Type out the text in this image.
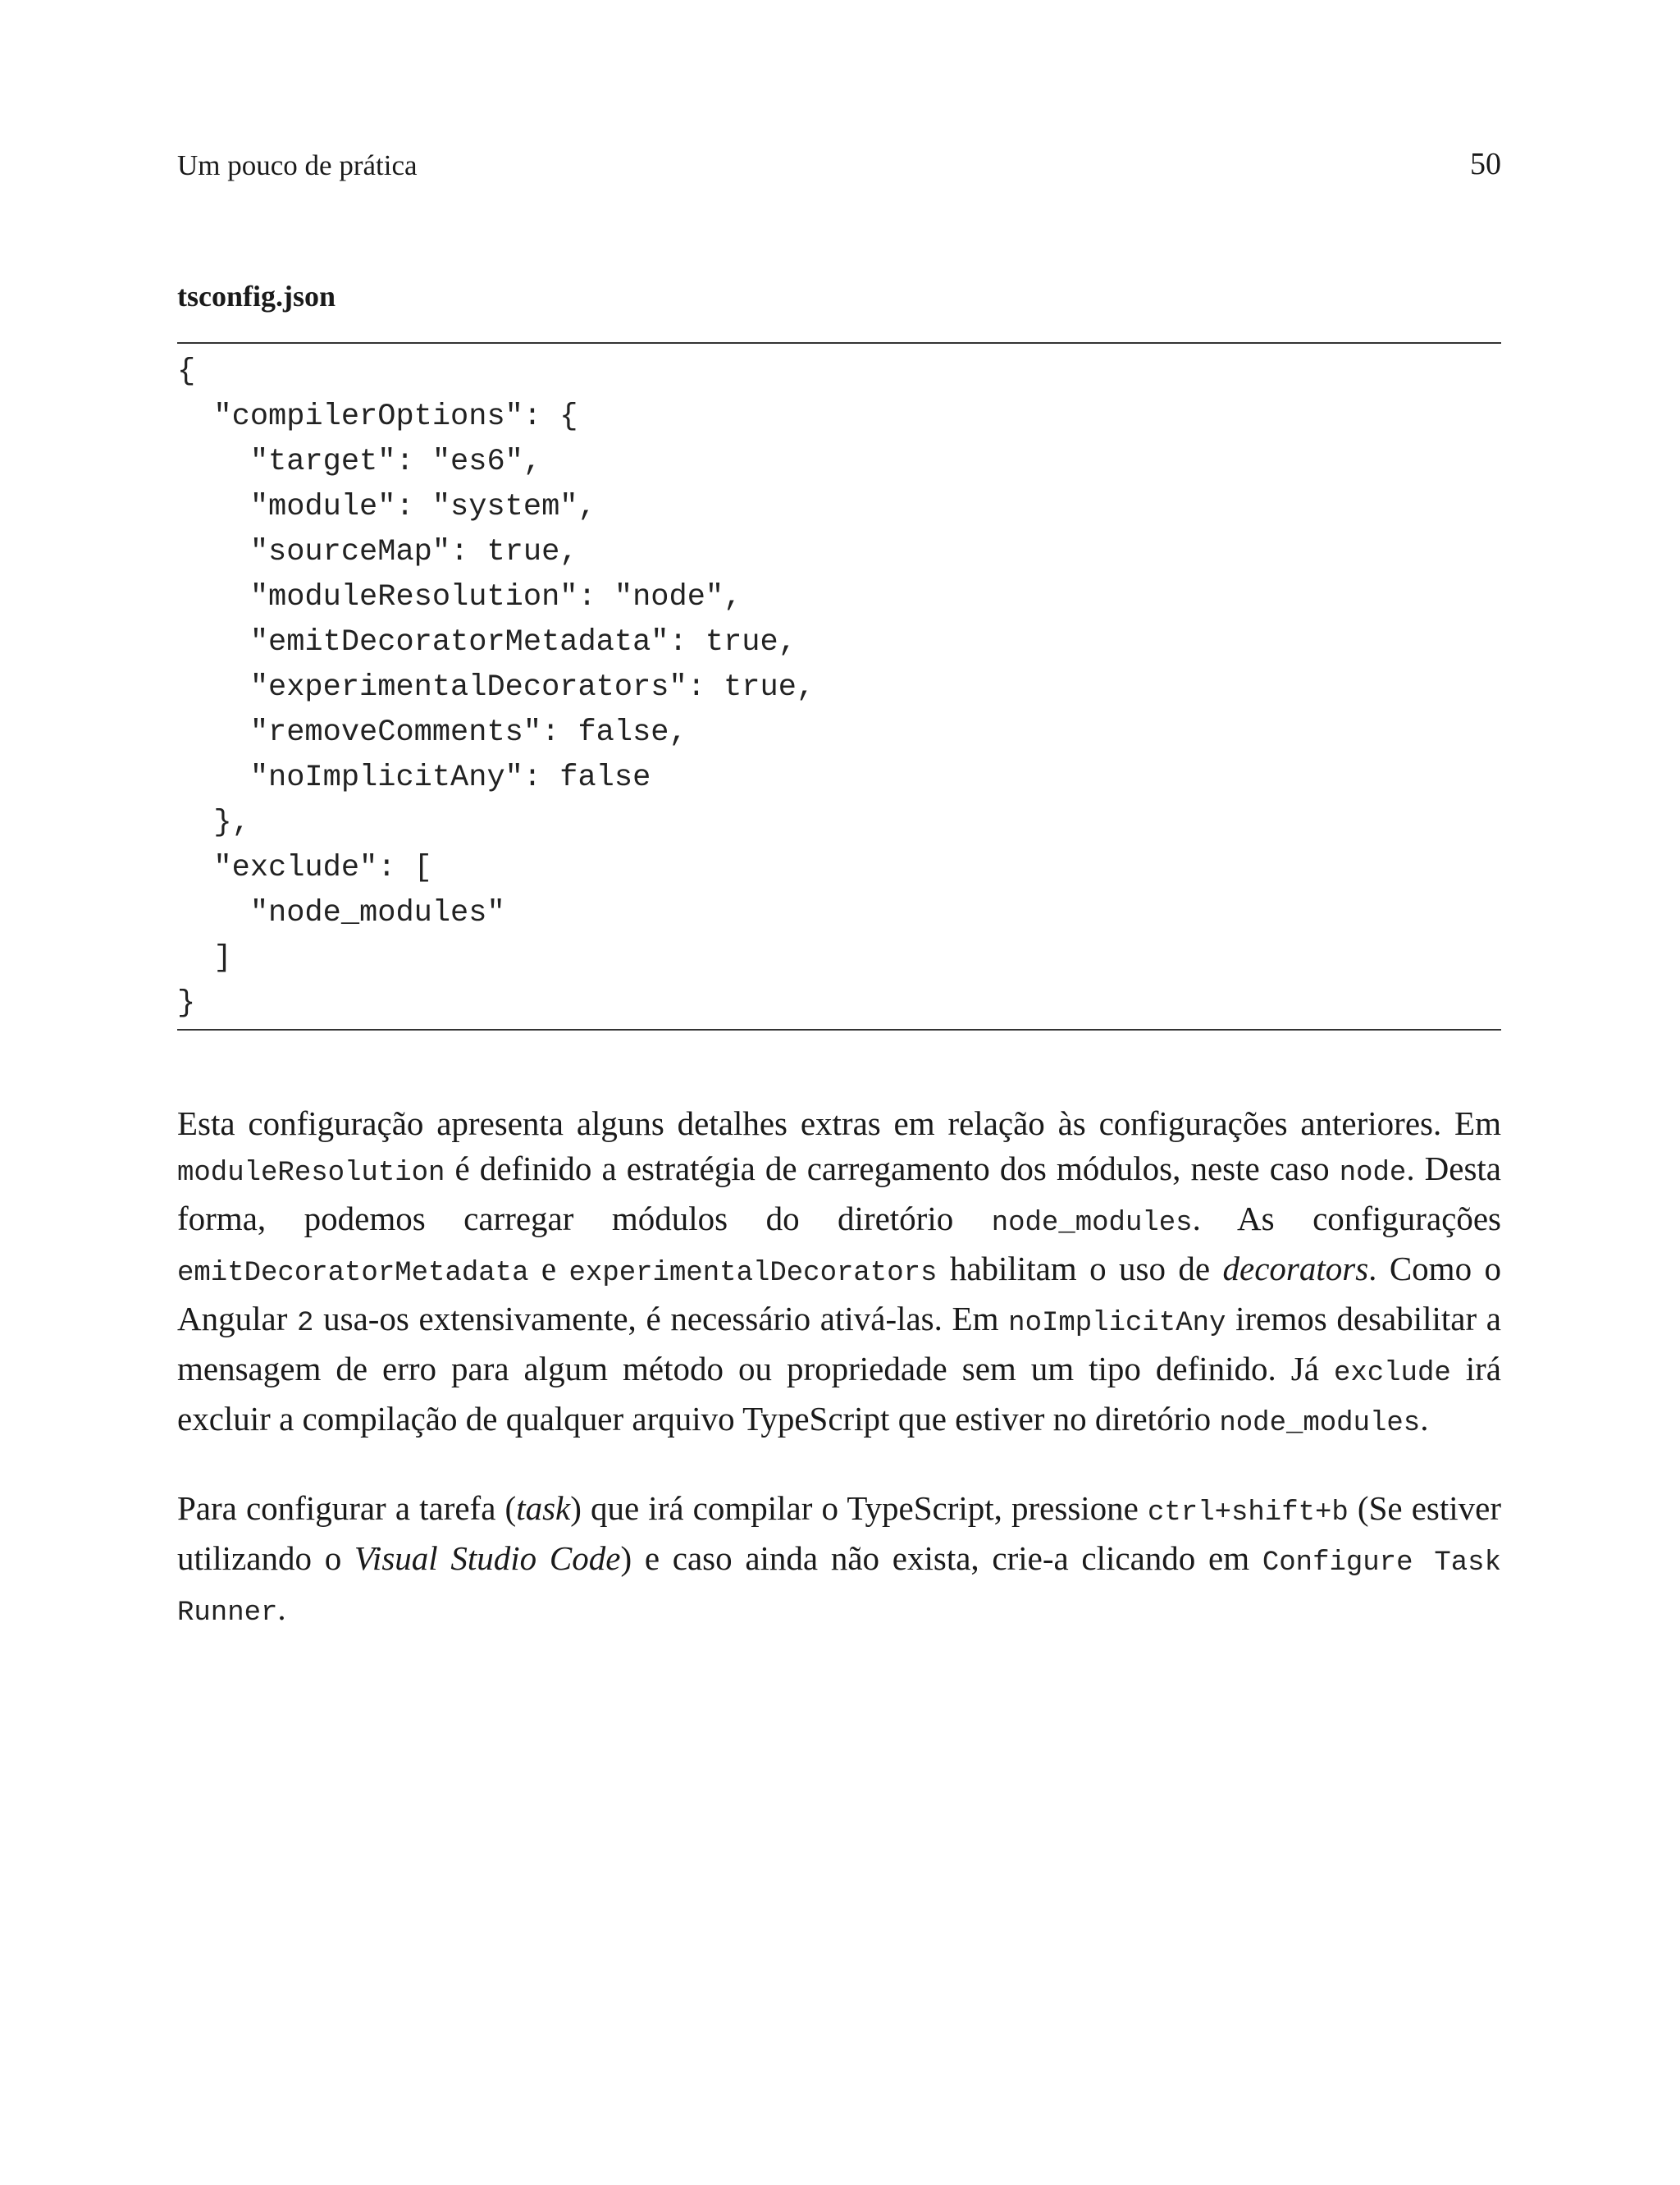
Um pouco de prática	50
tsconfig.json
{
"compilerOptions": {
"target": "es6",
"module": "system",
"sourceMap": true,
"moduleResolution": "node",
"emitDecoratorMetadata": true,
"experimentalDecorators": true,
"removeComments": false,
"noImplicitAny": false
},
"exclude": [
"node_modules"
]
}

Esta configuração apresenta alguns detalhes extras em relação às configurações anteriores. Em moduleResolution é definido a estratégia de carregamento dos módulos, neste caso node. Desta forma, podemos carregar módulos do diretório node_modules. As configurações emitDecoratorMetadata e experimentalDecorators habilitam o uso de decorators. Como o Angular 2 usa-os extensivamente, é necessário ativá-las. Em noImplicitAny iremos desabilitar a mensagem de erro para algum método ou propriedade sem um tipo definido. Já exclude irá excluir a compilação de qualquer arquivo TypeScript que estiver no diretório node_modules.

Para configurar a tarefa (task) que irá compilar o TypeScript, pressione ctrl+shift+b (Se estiver utilizando o Visual Studio Code) e caso ainda não exista, crie-a clicando em Configure Task Runner.
